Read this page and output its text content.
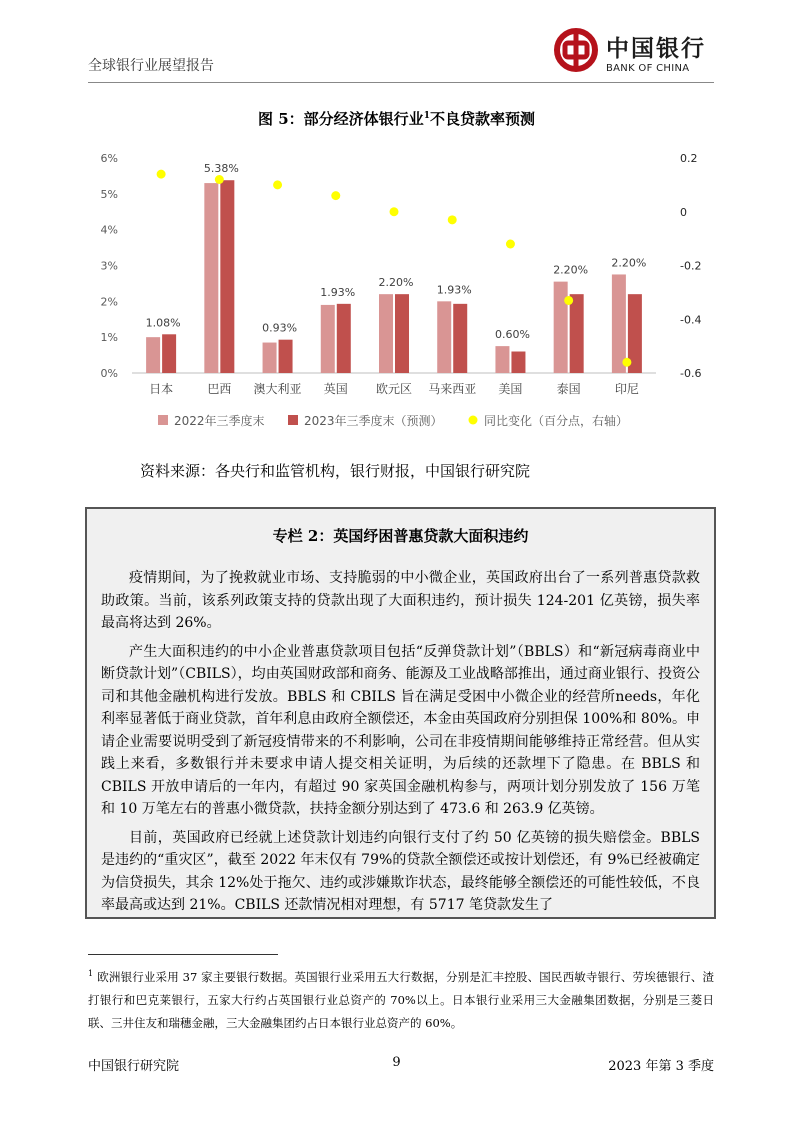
全球银行业展望报告
中国银行
BANK OF CHINA
图 5：部分经济体银行业$^1$不良贷款率预测
0%
1%
2%
3%
4%
5%
6%	0.2
0
-0.2
-0.4
-0.6
1.08%
日本
5.38%
巴西
0.93%
澳大利亚
1.93%
英国
2.20%
欧元区
1.93%
马来西亚
0.60%
美国
2.20%
泰国
2.20%
印尼
2022年三季度末	2023年三季度末（预测）	同比变化（百分点，右轴）
资料来源：各央行和监管机构，银行财报，中国银行研究院
专栏 2：英国纾困普惠贷款大面积违约

疫情期间，为了挽救就业市场、支持脆弱的中小微企业，英国政府出台了一系列普惠贷款救助政策。当前，该系列政策支持的贷款出现了大面积违约，预计损失 124-201 亿英镑，损失率最高将达到 26%。

产生大面积违约的中小企业普惠贷款项目包括“反弹贷款计划”（BBLS）和“新冠病毒商业中断贷款计划”（CBILS），均由英国财政部和商务、能源及工业战略部推出，通过商业银行、投资公司和其他金融机构进行发放。BBLS 和 CBILS 旨在满足受困中小微企业的经营所needs，年化利率显著低于商业贷款，首年利息由政府全额偿还，本金由英国政府分别担保 100%和 80%。申请企业需要说明受到了新冠疫情带来的不利影响，公司在非疫情期间能够维持正常经营。但从实践上来看，多数银行并未要求申请人提交相关证明，为后续的还款埋下了隐患。在 BBLS 和 CBILS 开放申请后的一年内，有超过 90 家英国金融机构参与，两项计划分别发放了 156 万笔和 10 万笔左右的普惠小微贷款，扶持金额分别达到了 473.6 和 263.9 亿英镑。

目前，英国政府已经就上述贷款计划违约向银行支付了约 50 亿英镑的损失赔偿金。BBLS 是违约的“重灾区”，截至 2022 年末仅有 79%的贷款全额偿还或按计划偿还，有 9%已经被确定为信贷损失，其余 12%处于拖欠、违约或涉嫌欺诈状态，最终能够全额偿还的可能性较低，不良率最高或达到 21%。CBILS 还款情况相对理想，有 5717 笔贷款发生了

$^1$ 欧洲银行业采用 37 家主要银行数据。英国银行业采用五大行数据，分别是汇丰控股、国民西敏寺银行、劳埃德银行、渣打银行和巴克莱银行，五家大行约占英国银行业总资产的 70%以上。日本银行业采用三大金融集团数据，分别是三菱日联、三井住友和瑞穗金融，三大金融集团约占日本银行业总资产的 60%。
中国银行研究院	9	2023 年第 3 季度
